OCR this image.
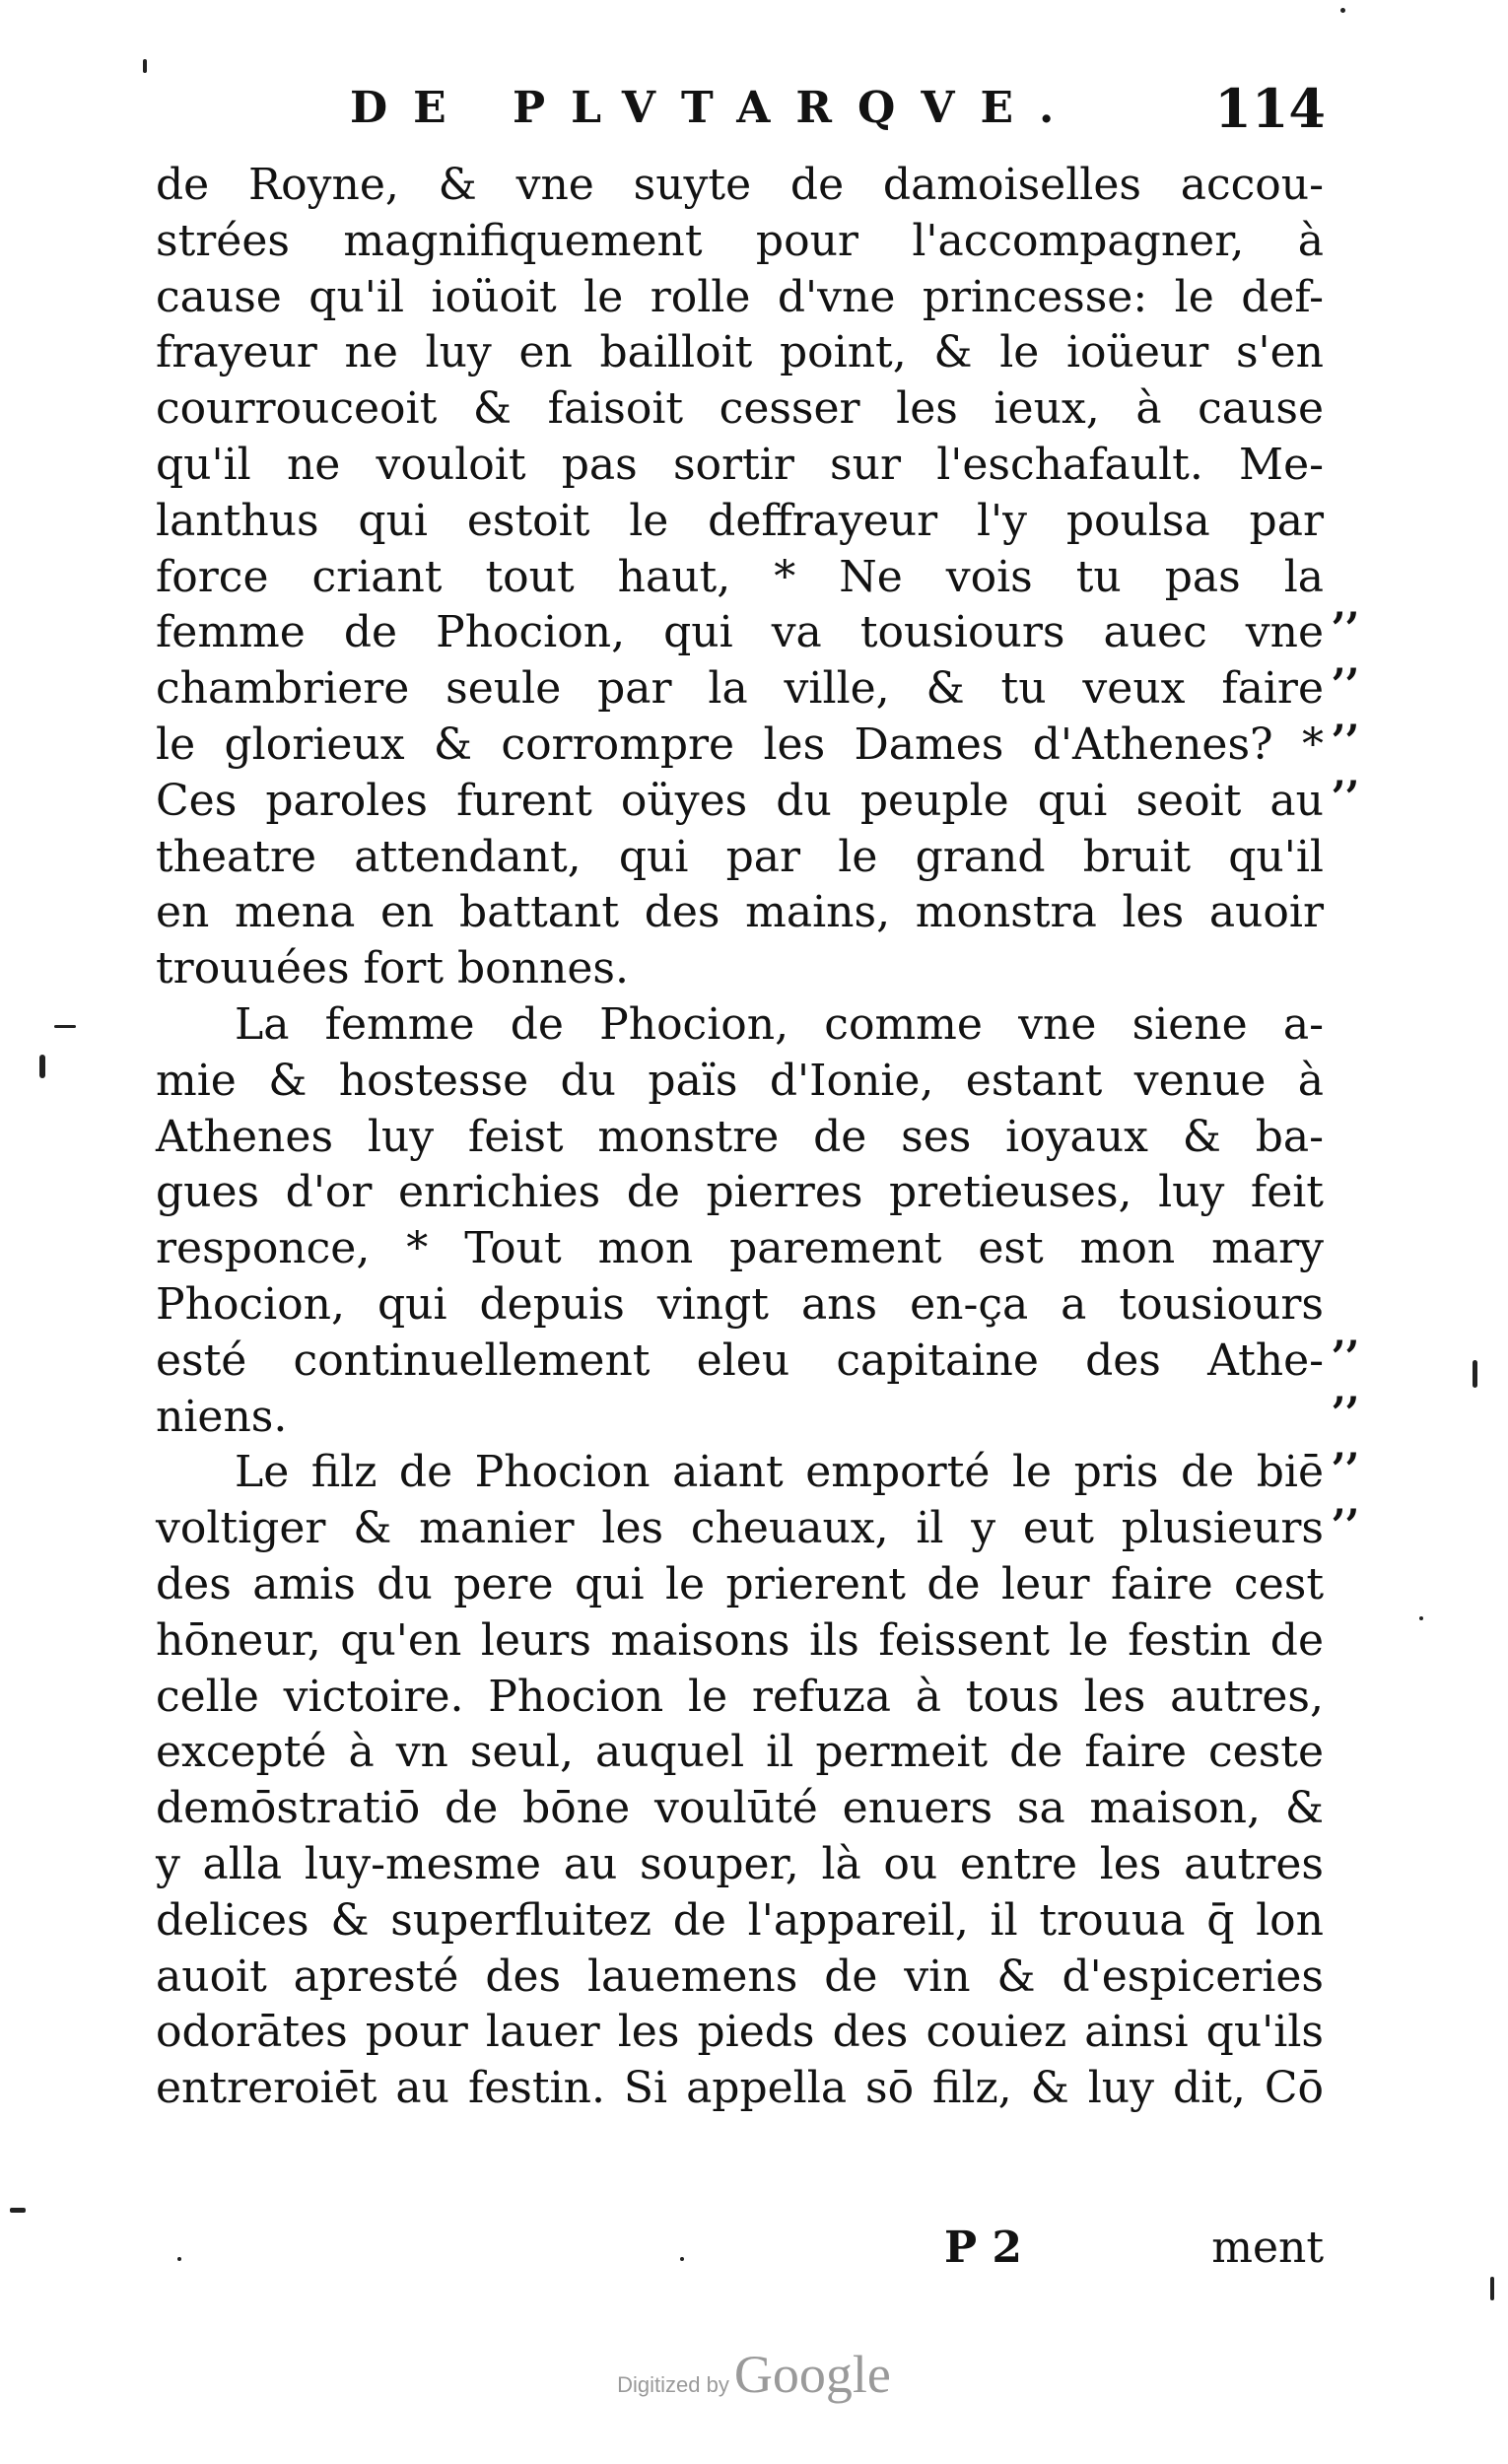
DE PLVTARQVE.	114
de Royne, & vne suyte de damoiselles accou-
strées magnifiquement pour l'accompagner, à
cause qu'il ioüoit le rolle d'vne princesse: le def-
frayeur ne luy en bailloit point, & le ioüeur s'en
courrouceoit & faisoit cesser les ieux, à cause
qu'il ne vouloit pas sortir sur l'eschafault. Me-
lanthus qui estoit le deffrayeur l'y poulsa par
force criant tout haut, * Ne vois tu pas la
femme de Phocion, qui va tousiours auec vne
chambriere seule par la ville, & tu veux faire
le glorieux & corrompre les Dames d'Athenes? *
Ces paroles furent oüyes du peuple qui seoit au
theatre attendant, qui par le grand bruit qu'il
en mena en battant des mains, monstra les auoir
trouuées fort bonnes.
La femme de Phocion, comme vne siene a-
mie & hostesse du païs d'Ionie, estant venue à
Athenes luy feist monstre de ses ioyaux & ba-
gues d'or enrichies de pierres pretieuses, luy feit
responce, * Tout mon parement est mon mary
Phocion, qui depuis vingt ans en-ça a tousiours
esté continuellement eleu capitaine des Athe-
niens.
Le filz de Phocion aiant emporté le pris de biē
voltiger & manier les cheuaux, il y eut plusieurs
des amis du pere qui le prierent de leur faire cest
hōneur, qu'en leurs maisons ils feissent le festin de
celle victoire. Phocion le refuza à tous les autres,
excepté à vn seul, auquel il permeit de faire ceste
demōstratiō de bōne voulūté enuers sa maison, &
y alla luy-mesme au souper, là ou entre les autres
delices & superfluitez de l'appareil, il trouua q̄ lon
auoit apresté des lauemens de vin & d'espiceries
odorātes pour lauer les pieds des couiez ainsi qu'ils
entreroiēt au festin. Si appella sō filz, & luy dit, Cō
,,
,,
,,
,,
,,
,,
,,
,,
P 2	ment
Digitized by Google
